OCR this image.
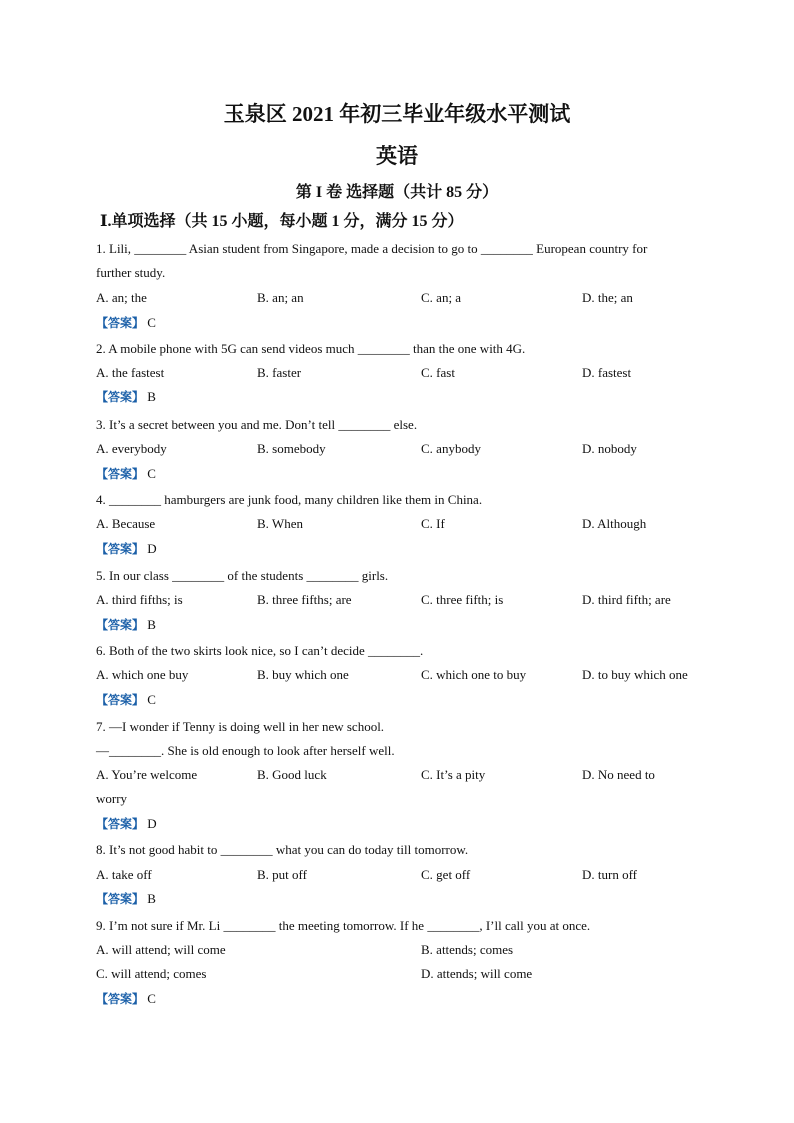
玉泉区 2021 年初三毕业年级水平测试
英语
第 I 卷 选择题（共计 85 分）
Ⅰ.单项选择（共 15 小题，每小题 1 分，满分 15 分）
1. Lili, ________ Asian student from Singapore, made a decision to go to ________ European country for
further study.
A. an; the	B. an; an	C. an; a	D. the; an
【答案】 C
2. A mobile phone with 5G can send videos much ________ than the one with 4G.
A. the fastest	B. faster	C. fast	D. fastest
【答案】 B
3. It’s a secret between you and me. Don’t tell ________ else.
A. everybody	B. somebody	C. anybody	D. nobody
【答案】 C
4. ________ hamburgers are junk food, many children like them in China.
A. Because	B. When	C. If	D. Although
【答案】 D
5. In our class ________ of the students ________ girls.
A. third fifths; is	B. three fifths; are	C. three fifth; is	D. third fifth; are
【答案】 B
6. Both of the two skirts look nice, so I can’t decide ________.
A. which one buy	B. buy which one	C. which one to buy	D. to buy which one
【答案】 C
7. —I wonder if Tenny is doing well in her new school.
—________. She is old enough to look after herself well.
A. You’re welcome	B. Good luck	C. It’s a pity	D. No need to
worry
【答案】 D
8. It’s not good habit to ________ what you can do today till tomorrow.
A. take off	B. put off	C. get off	D. turn off
【答案】 B
9. I’m not sure if Mr. Li ________ the meeting tomorrow. If he ________, I’ll call you at once.
A. will attend; will come	B. attends; comes
C. will attend; comes	D. attends; will come
【答案】 C
